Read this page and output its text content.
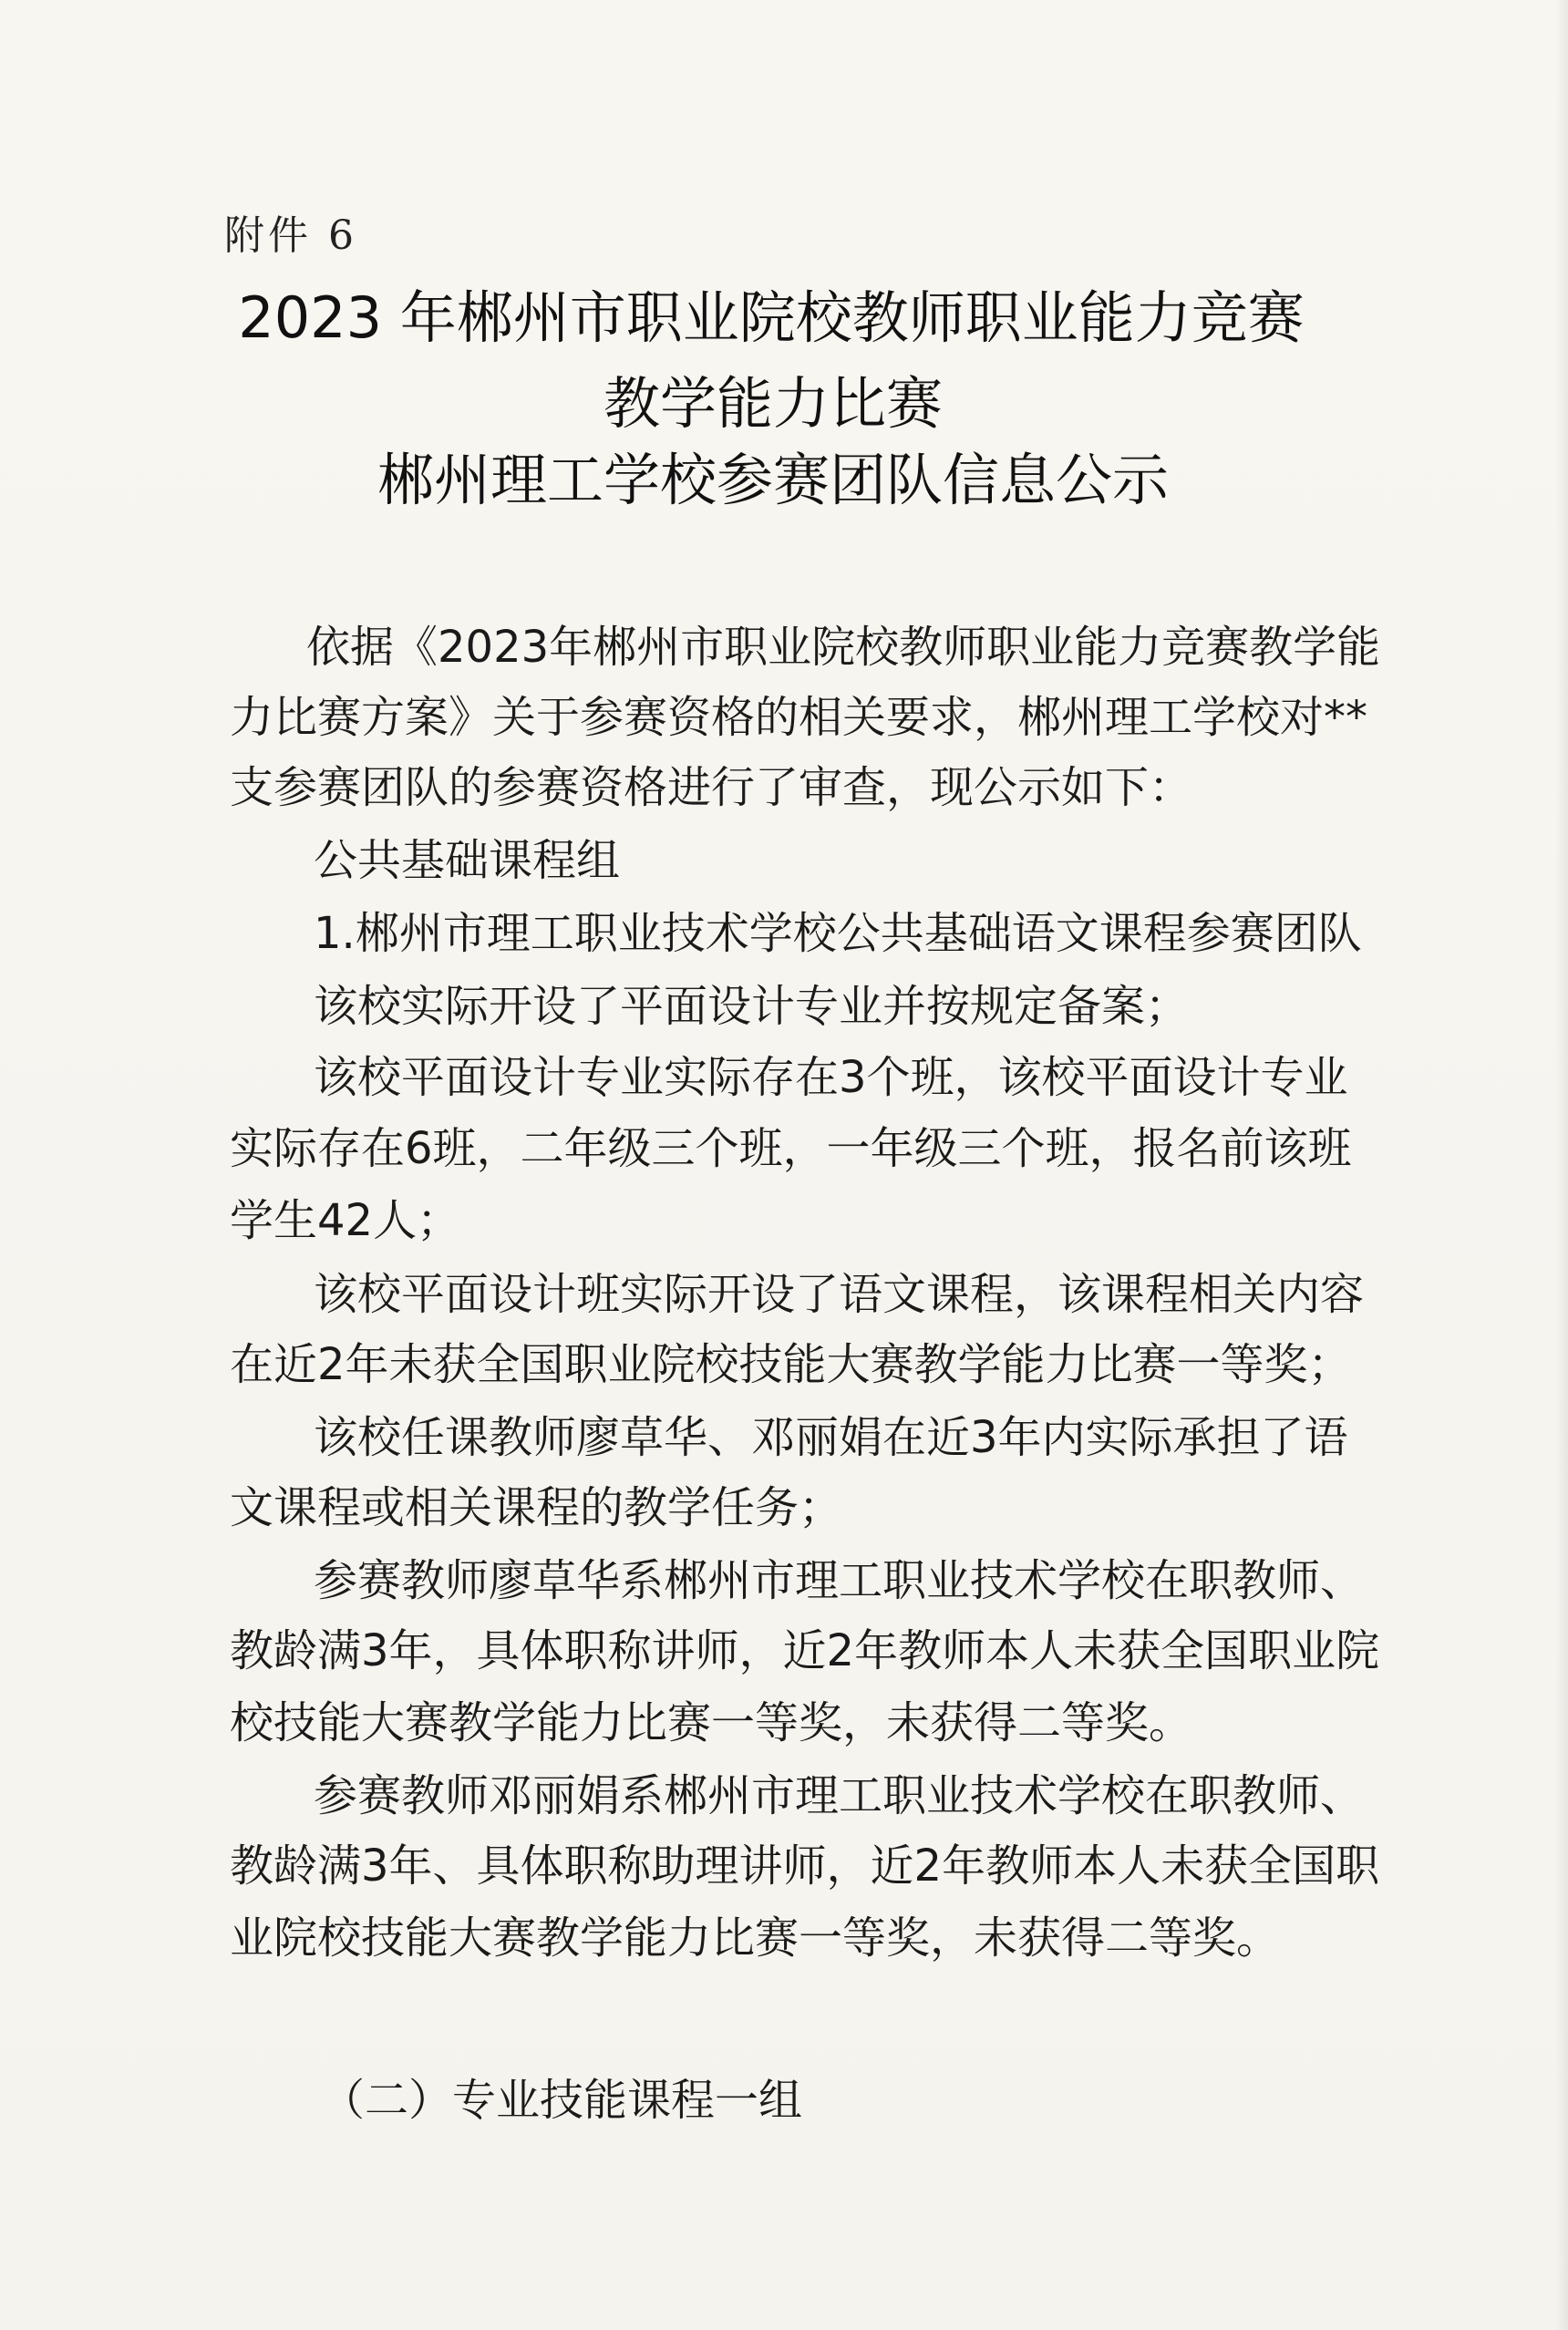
附件 6
2023 年郴州市职业院校教师职业能力竞赛
教学能力比赛
郴州理工学校参赛团队信息公示
依据《2023年郴州市职业院校教师职业能力竞赛教学能
力比赛方案》关于参赛资格的相关要求，郴州理工学校对**
支参赛团队的参赛资格进行了审查，现公示如下：
公共基础课程组
1.郴州市理工职业技术学校公共基础语文课程参赛团队
该校实际开设了平面设计专业并按规定备案；
该校平面设计专业实际存在3个班，该校平面设计专业
实际存在6班，二年级三个班，一年级三个班，报名前该班
学生42人；
该校平面设计班实际开设了语文课程，该课程相关内容
在近2年未获全国职业院校技能大赛教学能力比赛一等奖；
该校任课教师廖草华、邓丽娟在近3年内实际承担了语
文课程或相关课程的教学任务；
参赛教师廖草华系郴州市理工职业技术学校在职教师、
教龄满3年，具体职称讲师，近2年教师本人未获全国职业院
校技能大赛教学能力比赛一等奖，未获得二等奖。
参赛教师邓丽娟系郴州市理工职业技术学校在职教师、
教龄满3年、具体职称助理讲师，近2年教师本人未获全国职
业院校技能大赛教学能力比赛一等奖，未获得二等奖。
（二）专业技能课程一组
